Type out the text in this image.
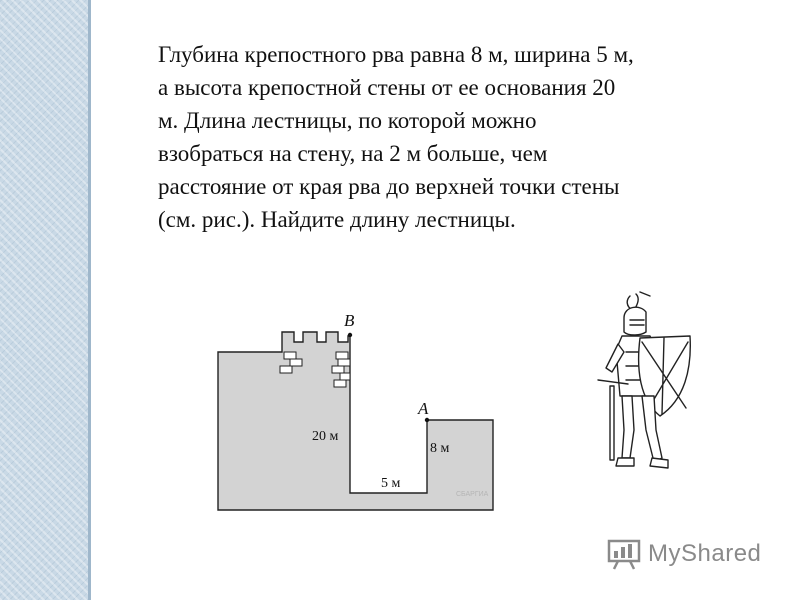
Глубина крепостного рва равна 8 м, ширина 5 м,
а высота крепостной стены от ее основания 20
м. Длина лестницы, по которой можно
взобраться на стену, на 2 м больше, чем
расстояние от края рва до верхней точки стены
(см. рис.). Найдите длину лестницы.
B
A
20 м
8 м
5 м
СБАРГИА
MyShared
